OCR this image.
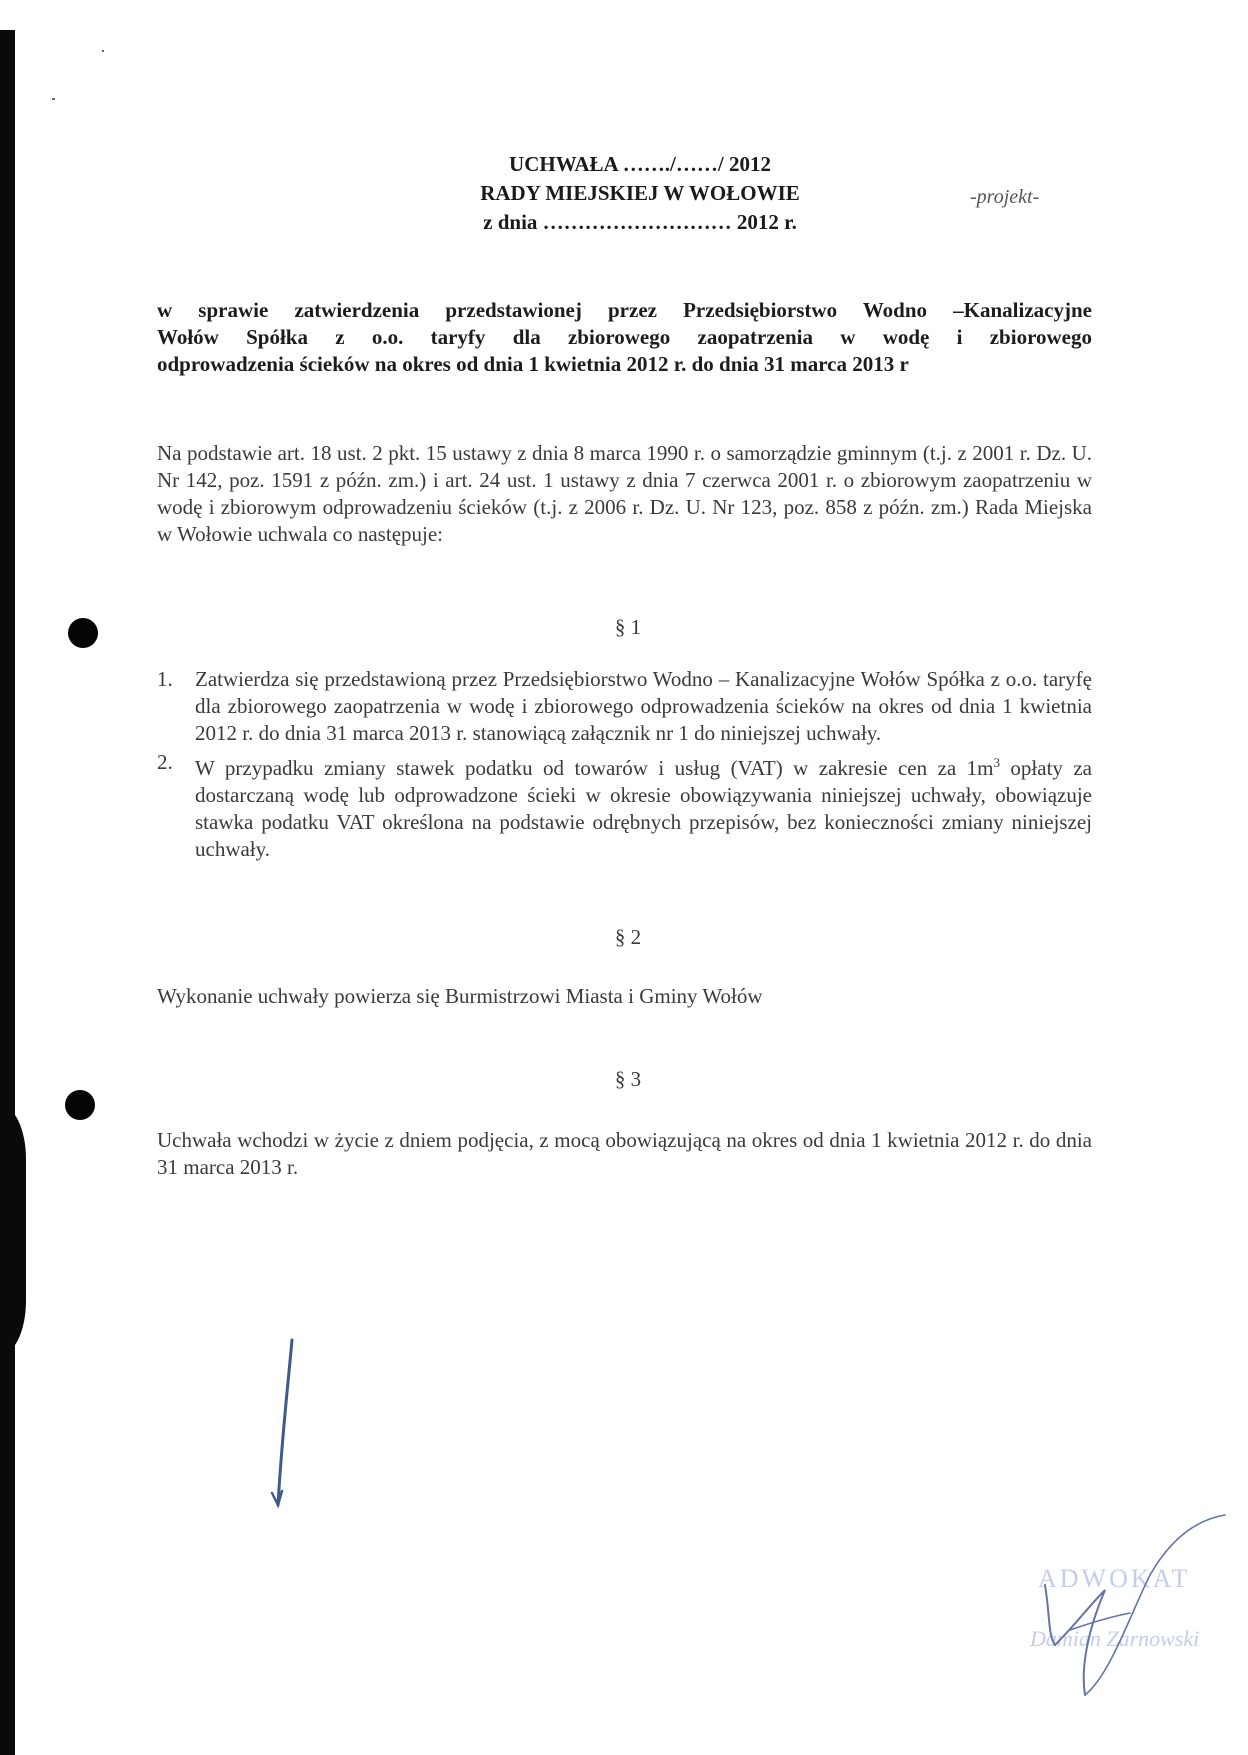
UCHWAŁA ……./……/ 2012
RADY MIEJSKIEJ W WOŁOWIE
z dnia ……………………… 2012 r.
-projekt-
w sprawie zatwierdzenia przedstawionej przez Przedsiębiorstwo Wodno –Kanalizacyjne
Wołów Spółka z o.o. taryfy dla zbiorowego zaopatrzenia w wodę i zbiorowego
odprowadzenia ścieków na okres od dnia 1 kwietnia 2012 r. do dnia 31 marca 2013 r
Na podstawie art. 18 ust. 2 pkt. 15 ustawy z dnia 8 marca 1990 r. o samorządzie gminnym (t.j. z 2001 r. Dz. U. Nr 142, poz. 1591 z późn. zm.) i art. 24 ust. 1 ustawy z dnia 7 czerwca 2001 r. o zbiorowym zaopatrzeniu w wodę i zbiorowym odprowadzeniu ścieków (t.j. z 2006 r. Dz. U. Nr 123, poz. 858 z późn. zm.) Rada Miejska w Wołowie uchwala co następuje:
§ 1
1.	Zatwierdza się przedstawioną przez Przedsiębiorstwo Wodno – Kanalizacyjne Wołów Spółka z o.o. taryfę dla zbiorowego zaopatrzenia w wodę i zbiorowego odprowadzenia ścieków na okres od dnia 1 kwietnia 2012 r. do dnia 31 marca 2013 r. stanowiącą załącznik nr 1 do niniejszej uchwały.
2.	W przypadku zmiany stawek podatku od towarów i usług (VAT) w zakresie cen za $1m^3$ opłaty za dostarczaną wodę lub odprowadzone ścieki w okresie obowiązywania niniejszej uchwały, obowiązuje stawka podatku VAT określona na podstawie odrębnych przepisów, bez konieczności zmiany niniejszej uchwały.
§ 2
Wykonanie uchwały powierza się Burmistrzowi Miasta i Gminy Wołów
§ 3
Uchwała wchodzi w życie z dniem podjęcia, z mocą obowiązującą na okres od dnia 1 kwietnia 2012 r. do dnia 31 marca 2013 r.
ADWOKAT
Damian Zarnowski
